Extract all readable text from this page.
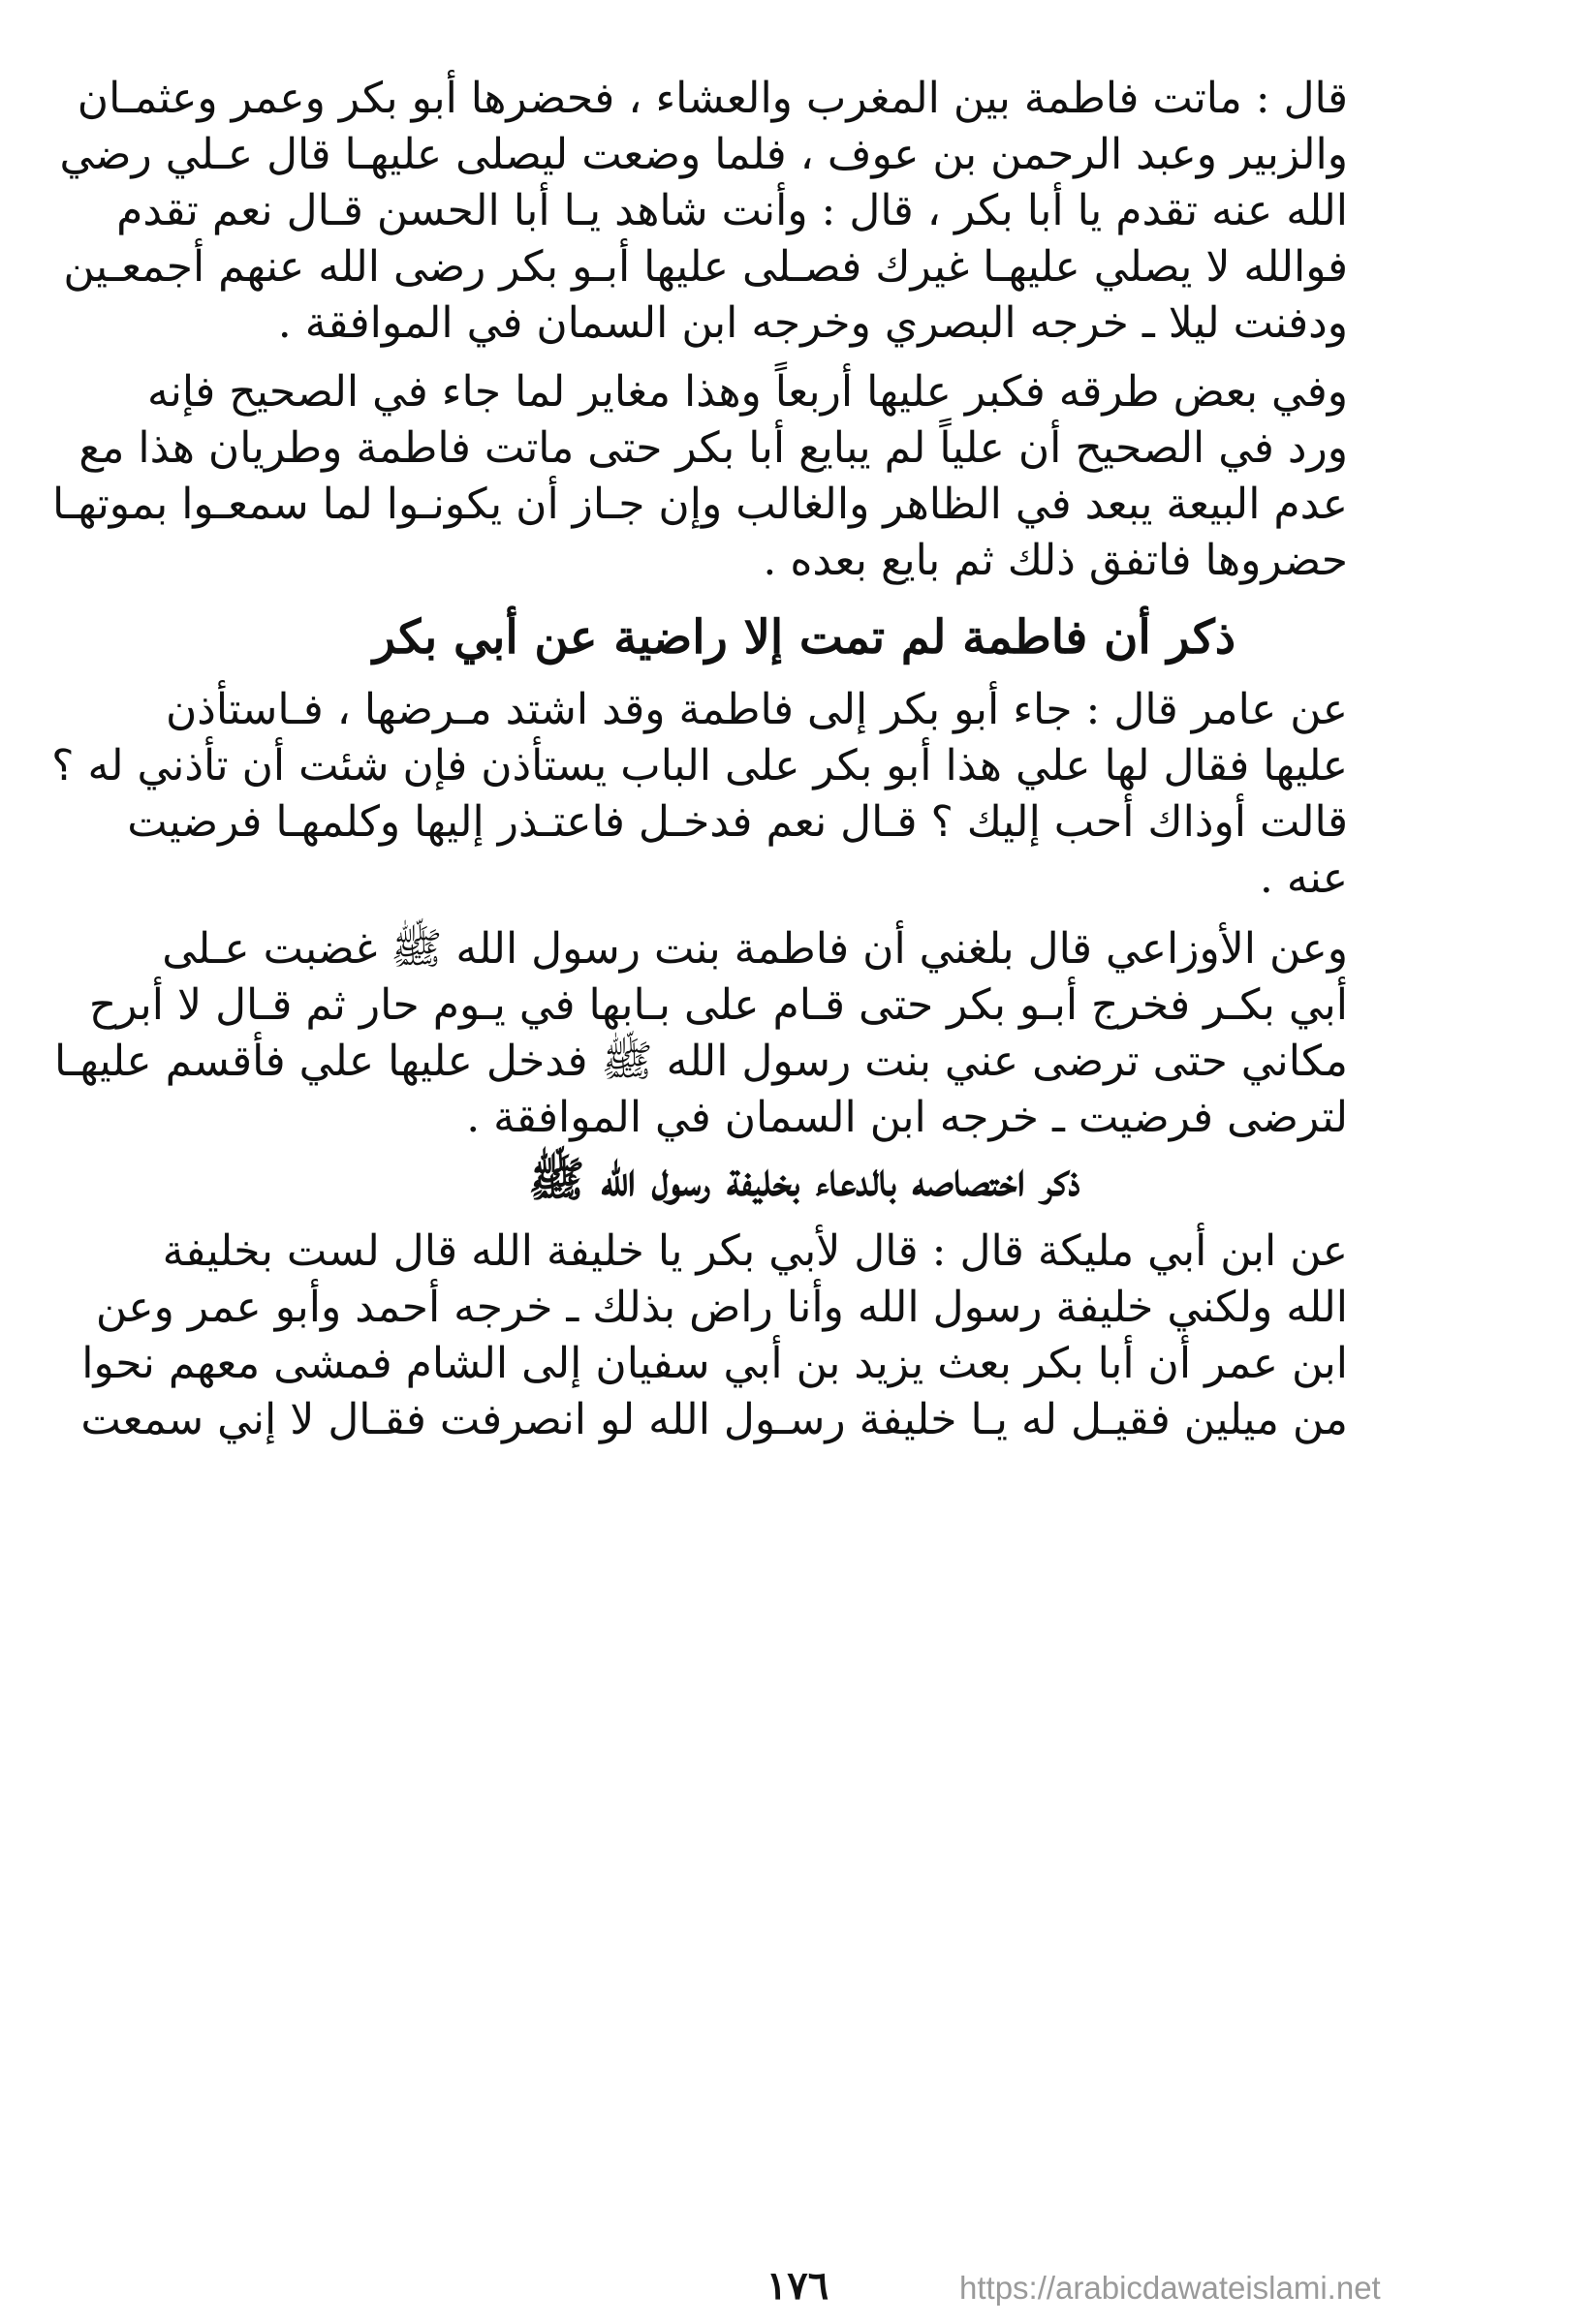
قال : ماتت فاطمة بين المغرب والعشاء ، فحضرها أبو بكر وعمر وعثمـان
والزبير وعبد الرحمن بن عوف ، فلما وضعت ليصلى عليهـا قال عـلي رضي
الله عنه تقدم يا أبا بكر ، قال : وأنت شاهد يـا أبا الحسن قـال نعم تقدم
فوالله لا يصلي عليهـا غيرك فصـلى عليها أبـو بكر رضى الله عنهم أجمعـين
ودفنت ليلا ـ خرجه البصري وخرجه ابن السمان في الموافقة .
وفي بعض طرقه فكبر عليها أربعاً وهذا مغاير لما جاء في الصحيح فإنه
ورد في الصحيح أن علياً لم يبايع أبا بكر حتى ماتت فاطمة وطريان هذا مع
عدم البيعة يبعد في الظاهر والغالب وإن جـاز أن يكونـوا لما سمعـوا بموتهـا
حضروها فاتفق ذلك ثم بايع بعده .
ذكر أن فاطمة لم تمت إلا راضية عن أبي بكر
عن عامر قال : جاء أبو بكر إلى فاطمة وقد اشتد مـرضها ، فـاستأذن
عليها فقال لها علي هذا أبو بكر على الباب يستأذن فإن شئت أن تأذني له ؟
قالت أوذاك أحب إليك ؟ قـال نعم فدخـل فاعتـذر إليها وكلمهـا فرضيت
عنه .
وعن الأوزاعي قال بلغني أن فاطمة بنت رسول الله ﷺ غضبت عـلى
أبي بكـر فخرج أبـو بكر حتى قـام على بـابها في يـوم حار ثم قـال لا أبرح
مكاني حتى ترضى عني بنت رسول الله ﷺ فدخل عليها علي فأقسم عليهـا
لترضى فرضيت ـ خرجه ابن السمان في الموافقة .
ذكر اختصاصه بالدعاء بخليفة رسول الله ﷺ
عن ابن أبي مليكة قال : قال لأبي بكر يا خليفة الله قال لست بخليفة
الله ولكني خليفة رسول الله وأنا راض بذلك ـ خرجه أحمد وأبو عمر وعن
ابن عمر أن أبا بكر بعث يزيد بن أبي سفيان إلى الشام فمشى معهم نحوا
من ميلين فقيـل له يـا خليفة رسـول الله لو انصرفت فقـال لا إني سمعت
١٧٦	https://arabicdawateislami.net
